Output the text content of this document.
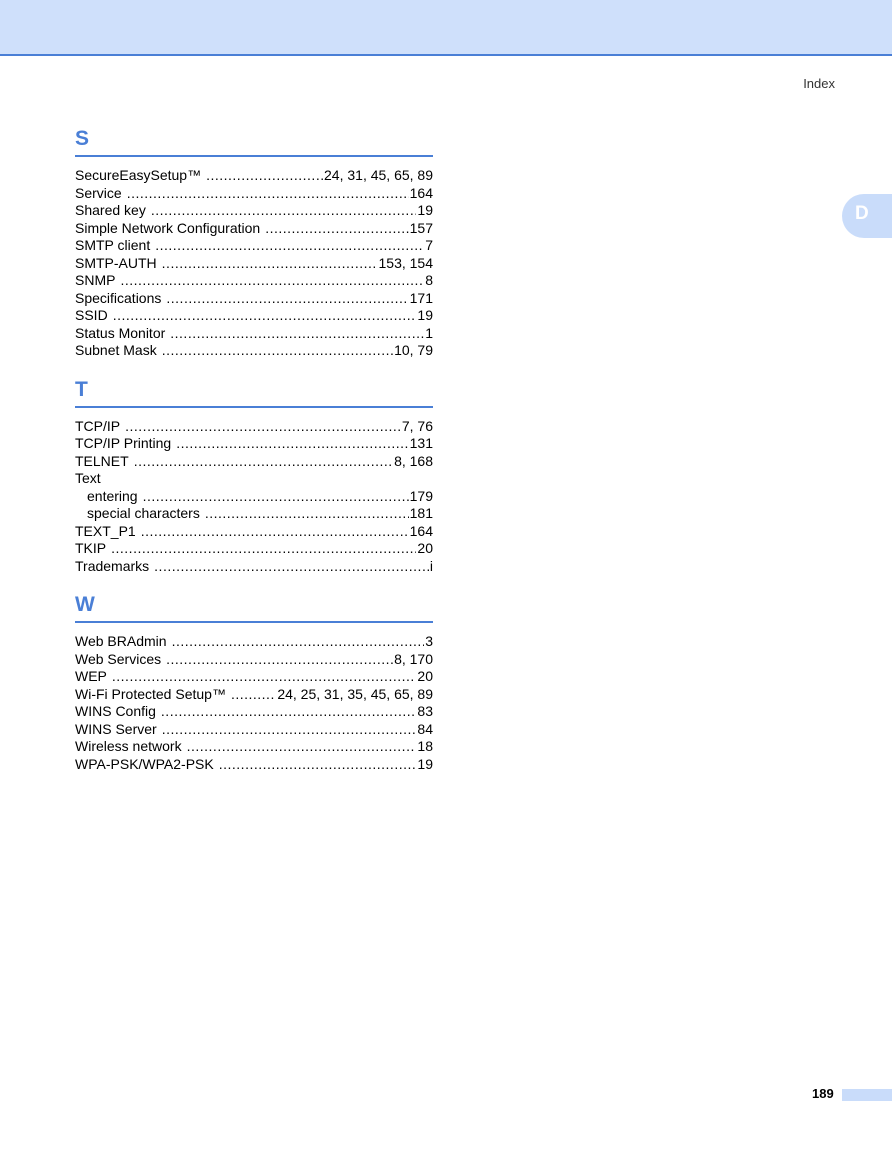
Index
D
S
SecureEasySetup™ .....	24, 31, 45, 65, 89
Service .....	164
Shared key .....	19
Simple Network Configuration .....	157
SMTP client .....	7
SMTP-AUTH .....	153, 154
SNMP .....	8
Specifications .....	171
SSID .....	19
Status Monitor .....	1
Subnet Mask .....	10, 79
T
TCP/IP .....	7, 76
TCP/IP Printing .....	131
TELNET .....	8, 168
Text
entering .....	179
special characters .....	181
TEXT_P1 .....	164
TKIP .....	20
Trademarks .....	i
W
Web BRAdmin .....	3
Web Services .....	8, 170
WEP .....	20
Wi-Fi Protected Setup™ .....	24, 25, 31, 35, 45, 65, 89
WINS Config .....	83
WINS Server .....	84
Wireless network .....	18
WPA-PSK/WPA2-PSK .....	19
189
